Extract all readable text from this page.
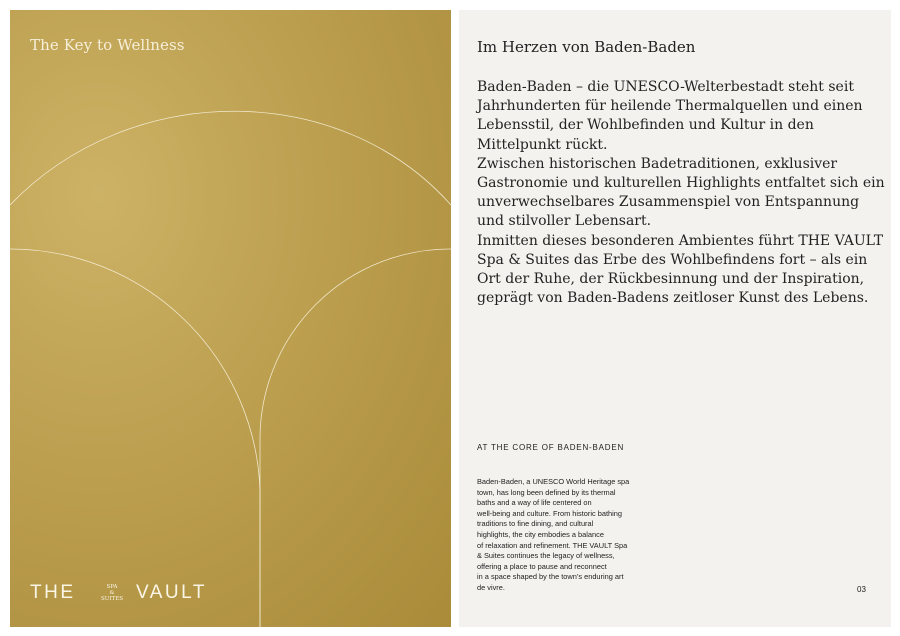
The Key to Wellness
THE	SPA
&
SUITES VAULT
Im Herzen von Baden-Baden

Baden-Baden – die UNESCO-Welterbestadt steht seit

Jahrhunderten für heilende Thermalquellen und einen

Lebensstil, der Wohlbefinden und Kultur in den

Mittelpunkt rückt.

Zwischen historischen Badetraditionen, exklusiver

Gastronomie und kulturellen Highlights entfaltet sich ein

unverwechselbares Zusammenspiel von Entspannung

und stilvoller Lebensart.

Inmitten dieses besonderen Ambientes führt THE VAULT

Spa & Suites das Erbe des Wohlbefindens fort – als ein

Ort der Ruhe, der Rückbesinnung und der Inspiration,

geprägt von Baden-Badens zeitloser Kunst des Lebens.

AT THE CORE OF BADEN-BADEN

Baden-Baden, a UNESCO World Heritage spa

town, has long been defined by its thermal

baths and a way of life centered on

well-being and culture. From historic bathing

traditions to fine dining, and cultural

highlights, the city embodies a balance

of relaxation and refinement. THE VAULT Spa

& Suites continues the legacy of wellness,

offering a place to pause and reconnect

in a space shaped by the town’s enduring art

de vivre.	03
